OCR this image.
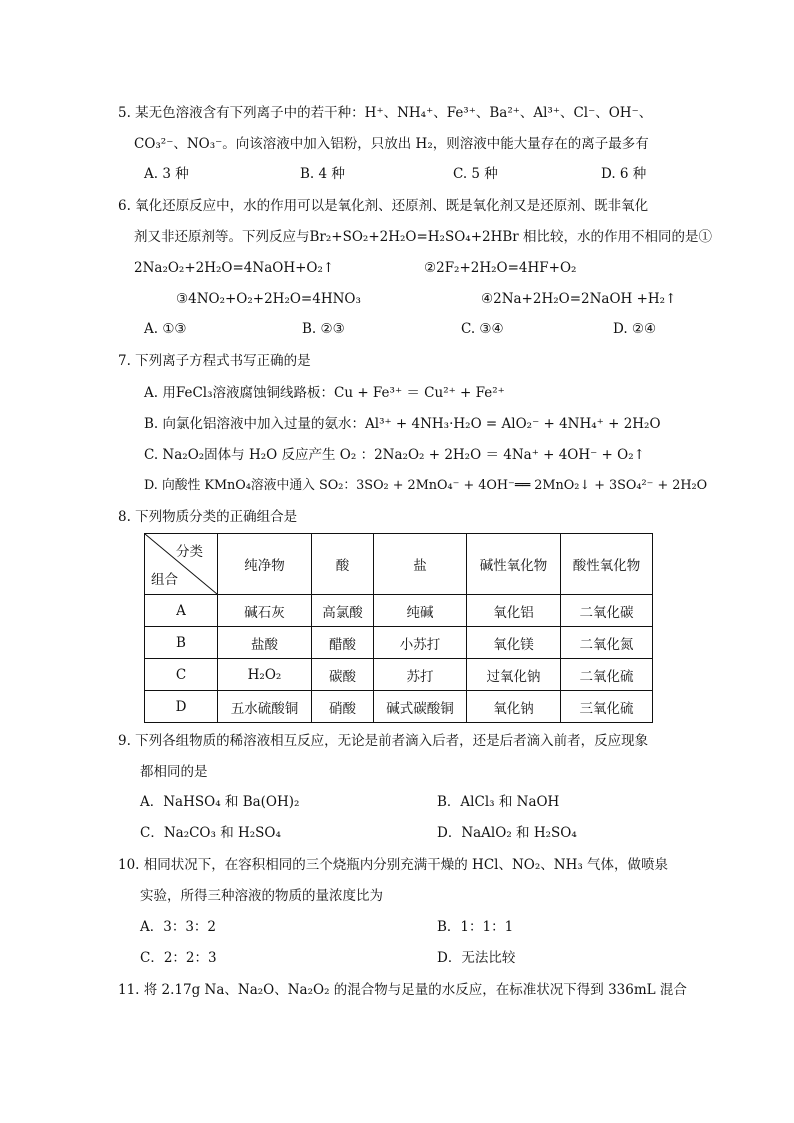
5. 某无色溶液含有下列离子中的若干种：H⁺、NH₄⁺、Fe³⁺、Ba²⁺、Al³⁺、Cl⁻、OH⁻、
CO₃²⁻、NO₃⁻。向该溶液中加入铝粉，只放出 H₂，则溶液中能大量存在的离子最多有
A. 3 种	B. 4 种	C. 5 种	D. 6 种
6. 氧化还原反应中，水的作用可以是氧化剂、还原剂、既是氧化剂又是还原剂、既非氧化
剂又非还原剂等。下列反应与Br₂+SO₂+2H₂O=H₂SO₄+2HBr 相比较，水的作用不相同的是①
2Na₂O₂+2H₂O=4NaOH+O₂↑	②2F₂+2H₂O=4HF+O₂
③4NO₂+O₂+2H₂O=4HNO₃	④2Na+2H₂O=2NaOH +H₂↑
A. ①③	B. ②③	C. ③④	D. ②④
7. 下列离子方程式书写正确的是
A. 用FeCl₃溶液腐蚀铜线路板：Cu + Fe³⁺ ＝ Cu²⁺ + Fe²⁺
B. 向氯化铝溶液中加入过量的氨水：Al³⁺ + 4NH₃·H₂O = AlO₂⁻ + 4NH₄⁺ + 2H₂O
C. Na₂O₂固体与 H₂O 反应产生 O₂ ：2Na₂O₂ + 2H₂O ＝ 4Na⁺ + 4OH⁻ + O₂↑
D. 向酸性 KMnO₄溶液中通入 SO₂：3SO₂ + 2MnO₄⁻ + 4OH⁻══ 2MnO₂↓ + 3SO₄²⁻ + 2H₂O
8. 下列物质分类的正确组合是
分类
组合	纯净物	酸	盐	碱性氧化物	酸性氧化物
A	碱石灰	高氯酸	纯碱	氧化铝	二氧化碳
B	盐酸	醋酸	小苏打	氧化镁	二氧化氮
C	H₂O₂	碳酸	苏打	过氧化钠	二氧化硫
D	五水硫酸铜	硝酸	碱式碳酸铜	氧化钠	三氧化硫
9. 下列各组物质的稀溶液相互反应，无论是前者滴入后者，还是后者滴入前者，反应现象
都相同的是
A．NaHSO₄ 和 Ba(OH)₂	B．AlCl₃ 和 NaOH
C．Na₂CO₃ 和 H₂SO₄	D．NaAlO₂ 和 H₂SO₄
10. 相同状况下，在容积相同的三个烧瓶内分别充满干燥的 HCl、NO₂、NH₃ 气体，做喷泉
实验，所得三种溶液的物质的量浓度比为
A．3：3：2	B．1：1：1
C．2：2：3	D．无法比较
11. 将 2.17g Na、Na₂O、Na₂O₂ 的混合物与足量的水反应，在标准状况下得到 336mL 混合
